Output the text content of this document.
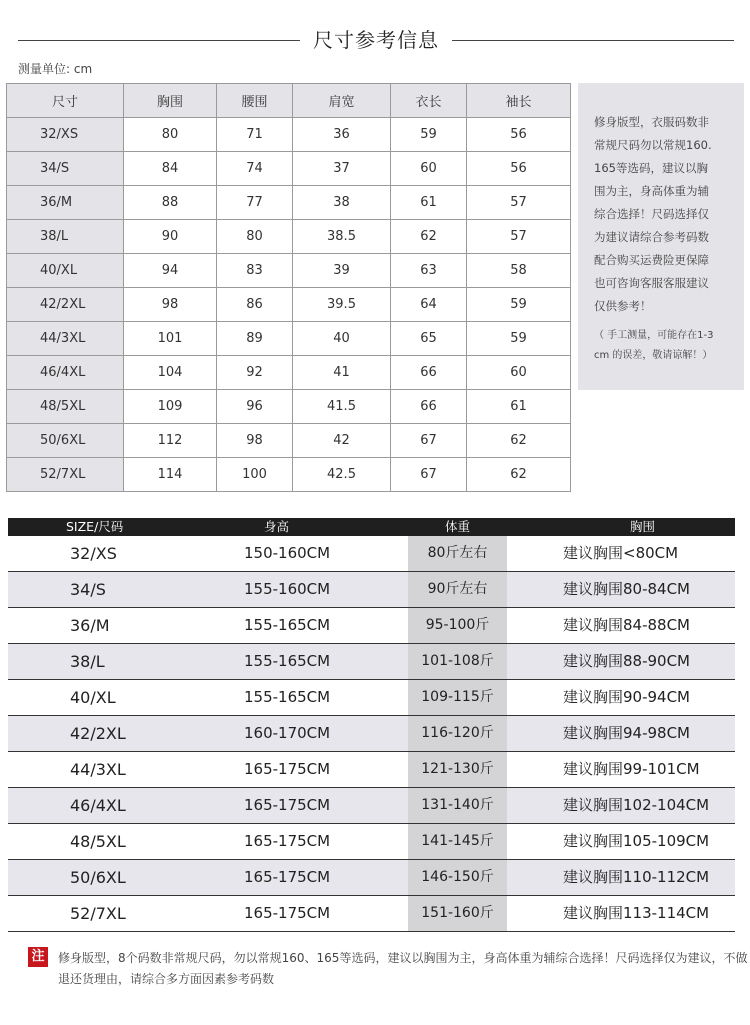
尺寸参考信息
测量单位: cm
尺寸	胸围	腰围	肩宽	衣长	袖长
32/XS	80	71	36	59	56
34/S	84	74	37	60	56
36/M	88	77	38	61	57
38/L	90	80	38.5	62	57
40/XL	94	83	39	63	58
42/2XL	98	86	39.5	64	59
44/3XL	101	89	40	65	59
46/4XL	104	92	41	66	60
48/5XL	109	96	41.5	66	61
50/6XL	112	98	42	67	62
52/7XL	114	100	42.5	67	62

修身版型，衣服码数非

常规尺码勿以常规160.

165等选码，建议以胸

围为主，身高体重为辅

综合选择！尺码选择仅

为建议请综合参考码数

配合购买运费险更保障

也可咨询客服客服建议

仅供参考！

（ 手工测量，可能存在1-3

cm 的误差，敬请谅解！）

SIZE/尺码	身高	体重	胸围
32/XS	150-160CM	80斤左右	建议胸围<80CM
34/S	155-160CM	90斤左右	建议胸围80-84CM
36/M	155-165CM	95-100斤	建议胸围84-88CM
38/L	155-165CM	101-108斤	建议胸围88-90CM
40/XL	155-165CM	109-115斤	建议胸围90-94CM
42/2XL	160-170CM	116-120斤	建议胸围94-98CM
44/3XL	165-175CM	121-130斤	建议胸围99-101CM
46/4XL	165-175CM	131-140斤	建议胸围102-104CM
48/5XL	165-175CM	141-145斤	建议胸围105-109CM
50/6XL	165-175CM	146-150斤	建议胸围110-112CM
52/7XL	165-175CM	151-160斤	建议胸围113-114CM
注 修身版型，8个码数非常规尺码，勿以常规160、165等选码，建议以胸围为主，身高体重为辅综合选择！尺码选择仅为建议，不做退还货理由，请综合多方面因素参考码数
